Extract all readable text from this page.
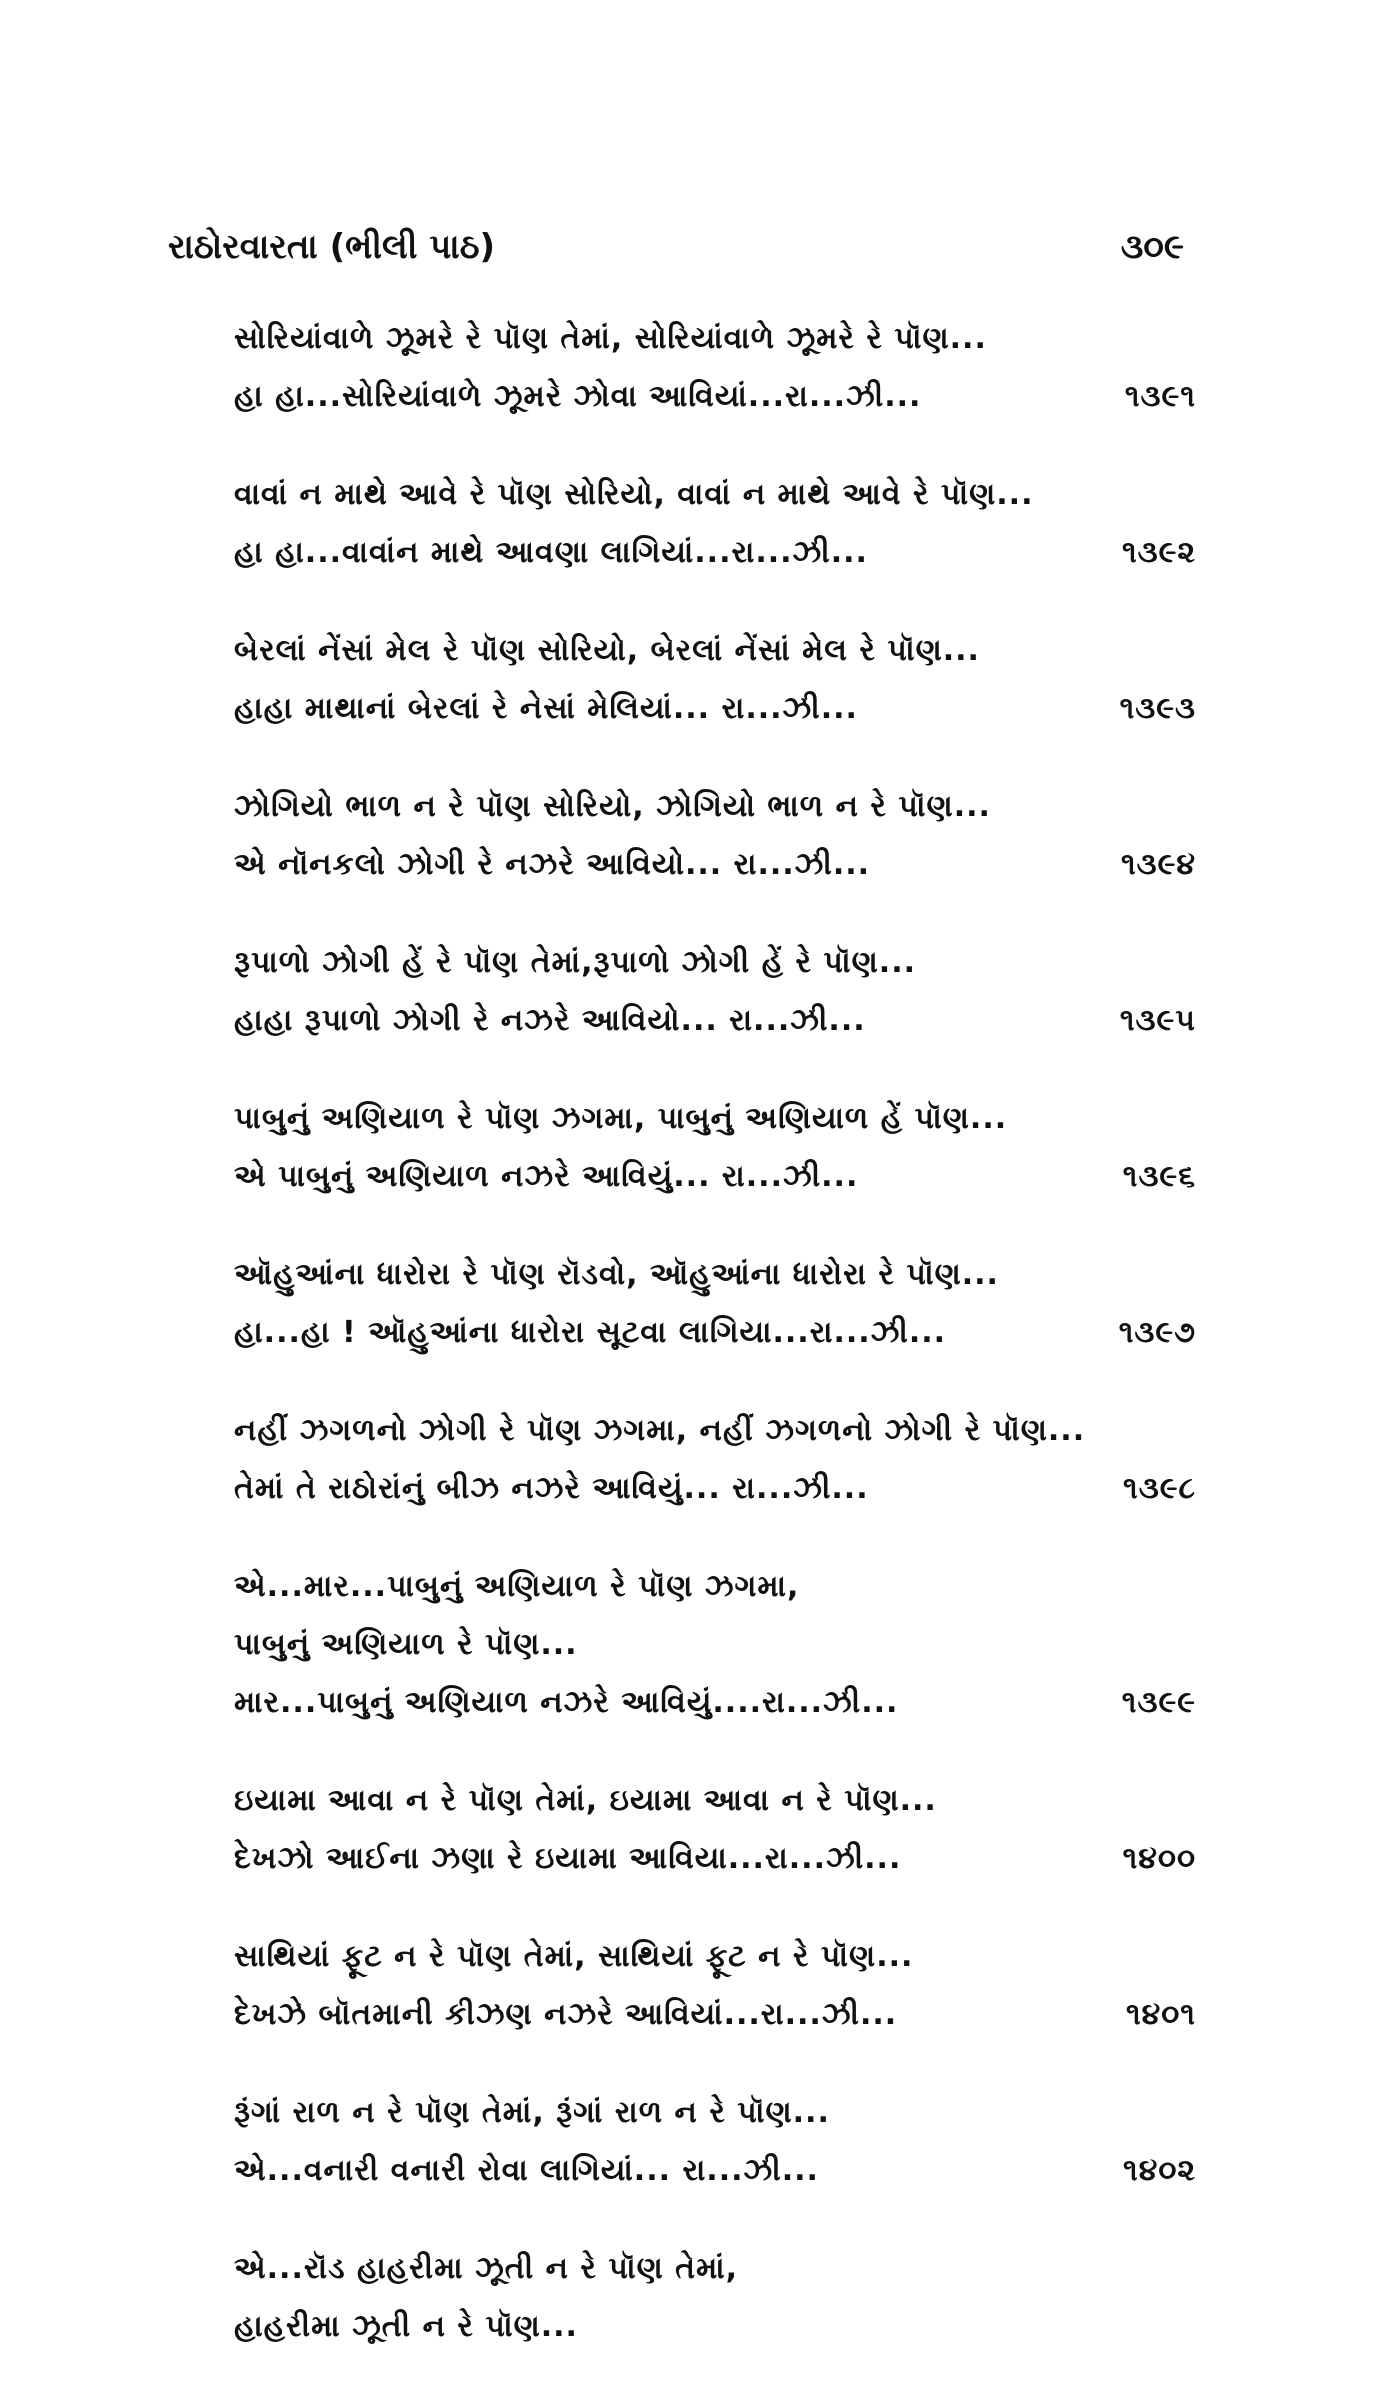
રાઠોરવારતા (ભીલી પાઠ)	૩૦૯
સોરિયાંવાળે ઝૂમરે રે પૉણ તેમાં, સોરિયાંવાળે ઝૂમરે રે પૉણ...
હા હા...સોરિયાંવાળે ઝૂમરે ઝોવા આવિયાં...રા...ઝી...	૧૩૯૧
વાવાં ન માથે આવે રે પૉણ સોરિયો, વાવાં ન માથે આવે રે પૉણ...
હા હા...વાવાંન માથે આવણા લાગિયાં...રા...ઝી...	૧૩૯૨
બેરલાં નેંસાં મેલ રે પૉણ સોરિયો, બેરલાં નેંસાં મેલ રે પૉણ...
હાહા માથાનાં બેરલાં રે નેસાં મેલિયાં... રા...ઝી...	૧૩૯૩
ઝોગિયો ભાળ ન રે પૉણ સોરિયો, ઝોગિયો ભાળ ન રે પૉણ...
એ નૉનકલો ઝોગી રે નઝરે આવિયો... રા...ઝી...	૧૩૯૪
રૂપાળો ઝોગી હેં રે પૉણ તેમાં,રૂપાળો ઝોગી હેં રે પૉણ...
હાહા રૂપાળો ઝોગી રે નઝરે આવિયો... રા...ઝી...	૧૩૯૫
પાબુનું અણિયાળ રે પૉણ ઝગમા, પાબુનું અણિયાળ હેં પૉણ...
એ પાબુનું અણિયાળ નઝરે આવિયું... રા...ઝી...	૧૩૯૬
ઑહુઆંના ધારોરા રે પૉણ રૉડવો, ઑહુઆંના ધારોરા રે પૉણ...
હા...હા ! ઑહુઆંના ધારોરા સૂટવા લાગિયા...રા...ઝી...	૧૩૯૭
નહીં ઝગળનો ઝોગી રે પૉણ ઝગમા, નહીં ઝગળનો ઝોગી રે પૉણ...
તેમાં તે રાઠોરાંનું બીઝ નઝરે આવિયું... રા...ઝી...	૧૩૯૮
એ...માર...પાબુનું અણિયાળ રે પૉણ ઝગમા,
પાબુનું અણિયાળ રે પૉણ...
માર...પાબુનું અણિયાળ નઝરે આવિયું....રા...ઝી...	૧૩૯૯
ઇયામા આવા ન રે પૉણ તેમાં, ઇયામા આવા ન રે પૉણ...
દેખઝો આઈના ઝણા રે ઇયામા આવિયા...રા...ઝી...	૧૪૦૦
સાથિયાં ફૂટ ન રે પૉણ તેમાં, સાથિયાં ફૂટ ન રે પૉણ...
દેખઝે બૉતમાની કીઝણ નઝરે આવિયાં...રા...ઝી...	૧૪૦૧
રૂંગાં રાળ ન રે પૉણ તેમાં, રૂંગાં રાળ ન રે પૉણ...
એ...વનારી વનારી રોવા લાગિયાં... રા...ઝી...	૧૪૦૨
એ...રૉડ હાહરીમા ઝૂતી ન રે પૉણ તેમાં,
હાહરીમા ઝૂતી ન રે પૉણ...
